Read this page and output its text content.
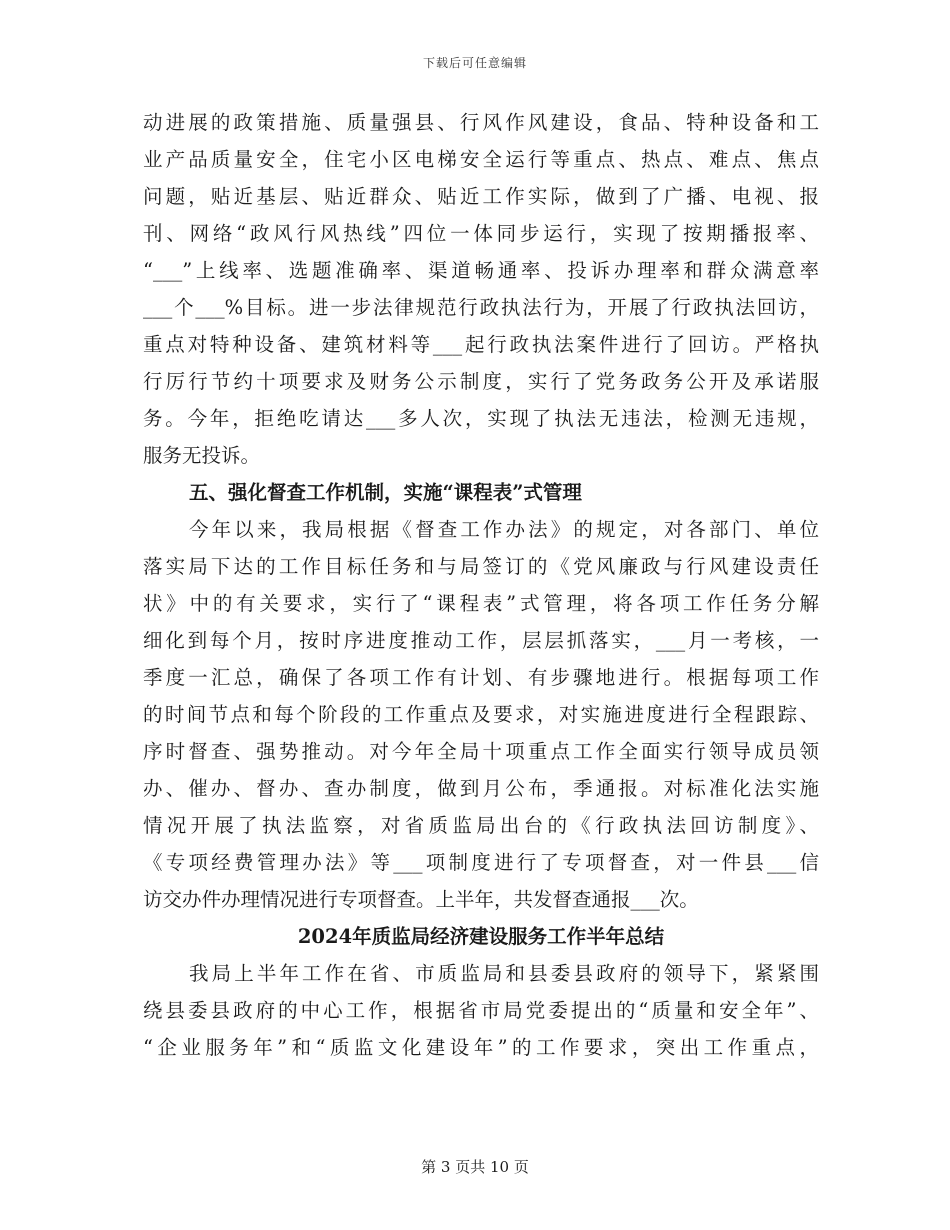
下载后可任意编辑
动进展的政策措施、质量强县、行风作风建设，食品、特种设备和工
业产品质量安全，住宅小区电梯安全运行等重点、热点、难点、焦点
问题，贴近基层、贴近群众、贴近工作实际，做到了广播、电视、报
刊、网络“政风行风热线”四位一体同步运行，实现了按期播报率、
“___”上线率、选题准确率、渠道畅通率、投诉办理率和群众满意率
___个___%目标。进一步法律规范行政执法行为，开展了行政执法回访，
重点对特种设备、建筑材料等___起行政执法案件进行了回访。严格执
行厉行节约十项要求及财务公示制度，实行了党务政务公开及承诺服
务。今年，拒绝吃请达___多人次，实现了执法无违法，检测无违规，
服务无投诉。
五、强化督查工作机制，实施“课程表”式管理
今年以来，我局根据《督查工作办法》的规定，对各部门、单位
落实局下达的工作目标任务和与局签订的《党风廉政与行风建设责任
状》中的有关要求，实行了“课程表”式管理，将各项工作任务分解
细化到每个月，按时序进度推动工作，层层抓落实，___月一考核，一
季度一汇总，确保了各项工作有计划、有步骤地进行。根据每项工作
的时间节点和每个阶段的工作重点及要求，对实施进度进行全程跟踪、
序时督查、强势推动。对今年全局十项重点工作全面实行领导成员领
办、催办、督办、查办制度，做到月公布，季通报。对标准化法实施
情况开展了执法监察，对省质监局出台的《行政执法回访制度》、
《专项经费管理办法》等___项制度进行了专项督查，对一件县___信
访交办件办理情况进行专项督查。上半年，共发督查通报___次。
2024年质监局经济建设服务工作半年总结
我局上半年工作在省、市质监局和县委县政府的领导下，紧紧围
绕县委县政府的中心工作，根据省市局党委提出的“质量和安全年”、
“企业服务年”和“质监文化建设年”的工作要求，突出工作重点，
第 3 页共 10 页
